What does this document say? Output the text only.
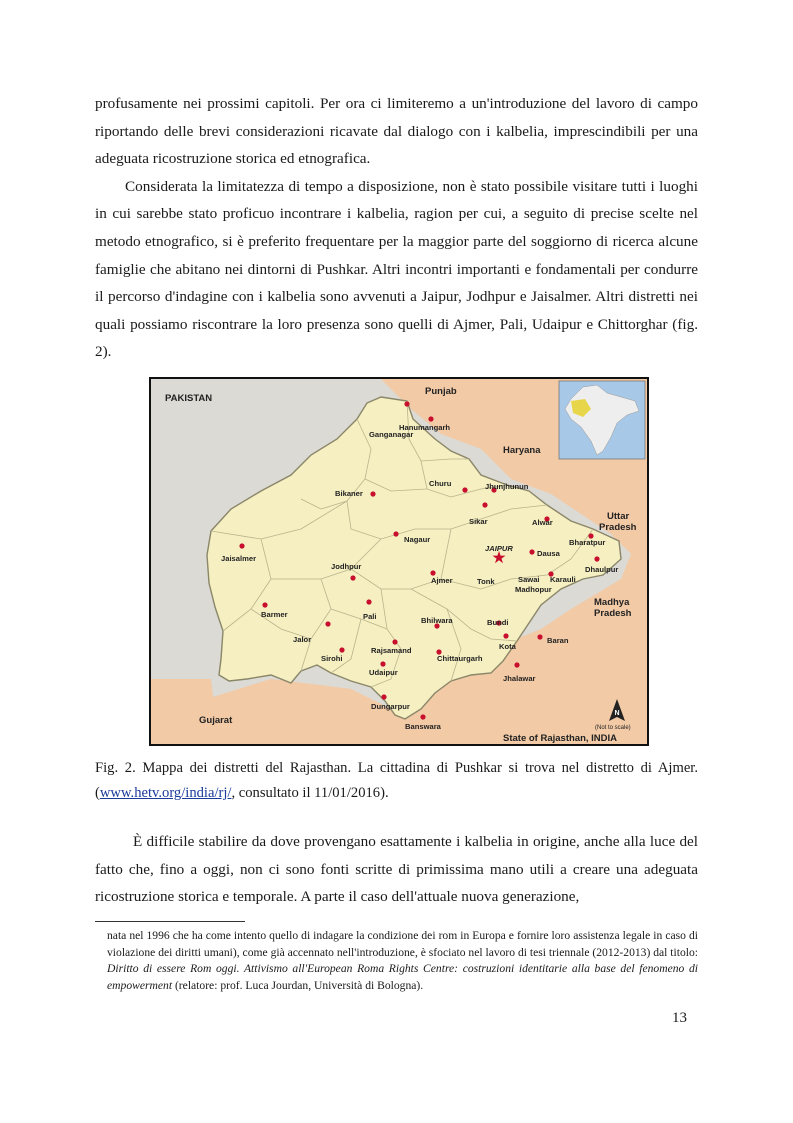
profusamente nei prossimi capitoli. Per ora ci limiteremo a un'introduzione del lavoro di campo riportando delle brevi considerazioni ricavate dal dialogo con i kalbelia, imprescindibili per una adeguata ricostruzione storica ed etnografica.

Considerata la limitatezza di tempo a disposizione, non è stato possibile visitare tutti i luoghi in cui sarebbe stato proficuo incontrare i kalbelia, ragion per cui, a seguito di precise scelte nel metodo etnografico, si è preferito frequentare per la maggior parte del soggiorno di ricerca alcune famiglie che abitano nei dintorni di Pushkar. Altri incontri importanti e fondamentali per condurre il percorso d'indagine con i kalbelia sono avvenuti a Jaipur, Jodhpur e Jaisalmer. Altri distretti nei quali possiamo riscontrare la loro presenza sono quelli di Ajmer, Pali, Udaipur e Chittorghar (fig. 2).

PAKISTAN
Punjab
Haryana
Uttar
Pradesh
Madhya
Pradesh
Gujarat
Ganganagar
Hanumangarh
Bikaner
Churu	Jhunjhunun
Sikar	Alwar
Bharatpur
Jaisalmer
Nagaur
JAIPUR
Dausa
Dhaulpur
Jodhpur
Ajmer	Tonk	Sawai
Madhopur
Karauli
Barmer	Pali
Jalor
Bhilwara	Bundi
Baran
Kota
Sirohi
Rajsamand
Chittaurgarh
Udaipur
Jhalawar
Dungarpur
Banswara
N
(Not to scale)
State of Rajasthan, INDIA
Fig. 2. Mappa dei distretti del Rajasthan. La cittadina di Pushkar si trova nel distretto di Ajmer. (www.hetv.org/india/rj/, consultato il 11/01/2016).

È difficile stabilire da dove provengano esattamente i kalbelia in origine, anche alla luce del fatto che, fino a oggi, non ci sono fonti scritte di primissima mano utili a creare una adeguata ricostruzione storica e temporale. A parte il caso dell'attuale nuova generazione,

nata nel 1996 che ha come intento quello di indagare la condizione dei rom in Europa e fornire loro assistenza legale in caso di violazione dei diritti umani), come già accennato nell'introduzione, è sfociato nel lavoro di tesi triennale (2012-2013) dal titolo: Diritto di essere Rom oggi. Attivismo all'European Roma Rights Centre: costruzioni identitarie alla base del fenomeno di empowerment (relatore: prof. Luca Jourdan, Università di Bologna).
13
